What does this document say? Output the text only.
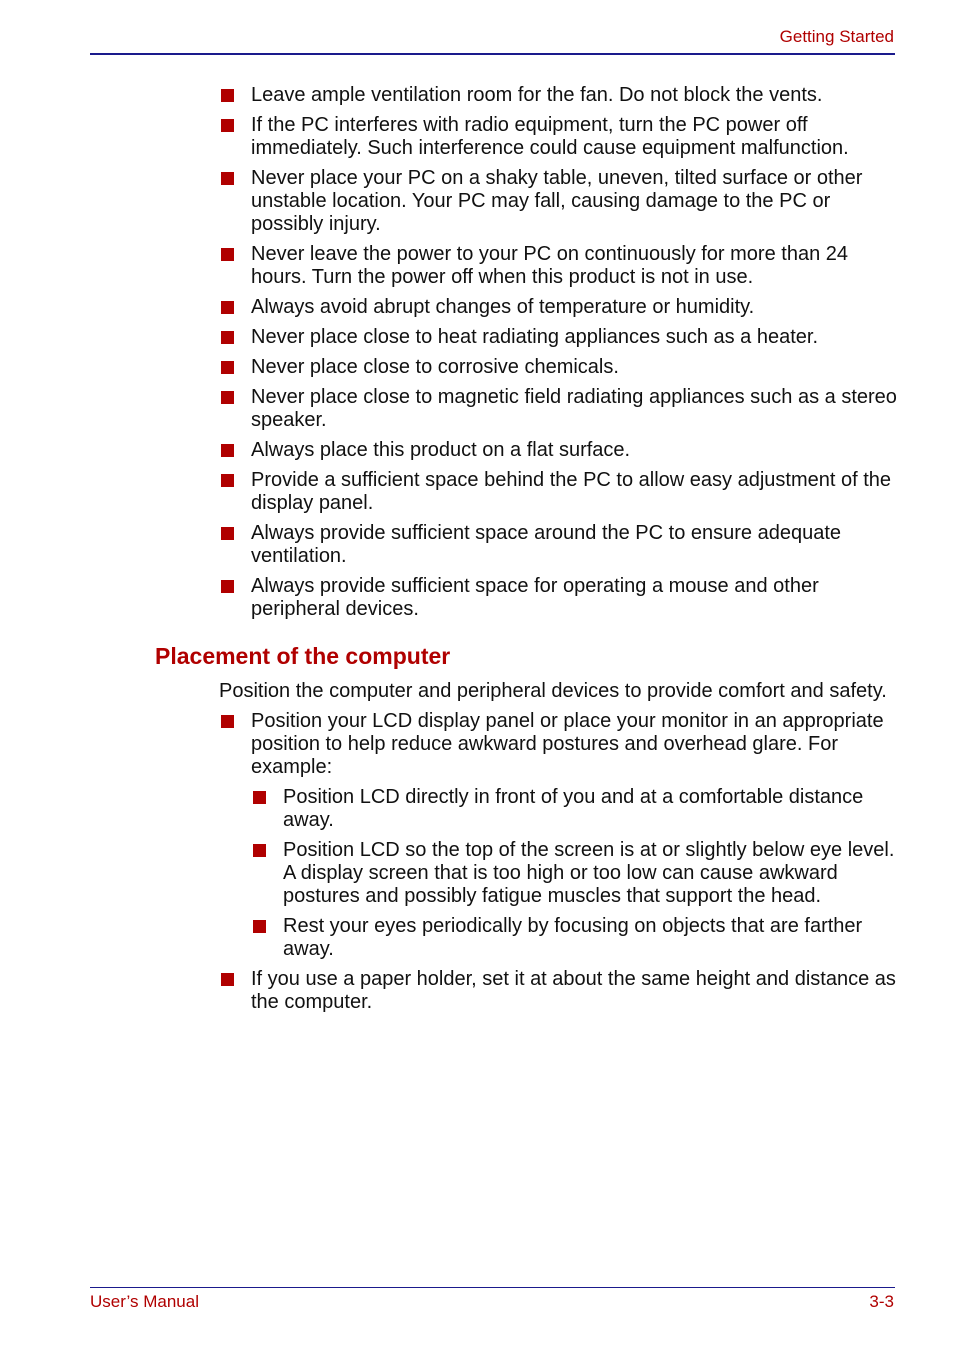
Getting Started
Leave ample ventilation room for the fan. Do not block the vents.
If the PC interferes with radio equipment, turn the PC power off immediately. Such interference could cause equipment malfunction.
Never place your PC on a shaky table, uneven, tilted surface or other unstable location. Your PC may fall, causing damage to the PC or possibly injury.
Never leave the power to your PC on continuously for more than 24 hours. Turn the power off when this product is not in use.
Always avoid abrupt changes of temperature or humidity.
Never place close to heat radiating appliances such as a heater.
Never place close to corrosive chemicals.
Never place close to magnetic field radiating appliances such as a stereo speaker.
Always place this product on a flat surface.
Provide a sufficient space behind the PC to allow easy adjustment of the display panel.
Always provide sufficient space around the PC to ensure adequate ventilation.
Always provide sufficient space for operating a mouse and other peripheral devices.
Placement of the computer
Position the computer and peripheral devices to provide comfort and safety.
Position your LCD display panel or place your monitor in an appropriate position to help reduce awkward postures and overhead glare. For example:
Position LCD directly in front of you and at a comfortable distance away.
Position LCD so the top of the screen is at or slightly below eye level. A display screen that is too high or too low can cause awkward postures and possibly fatigue muscles that support the head.
Rest your eyes periodically by focusing on objects that are farther away.
If you use a paper holder, set it at about the same height and distance as the computer.
User’s Manual	3-3
